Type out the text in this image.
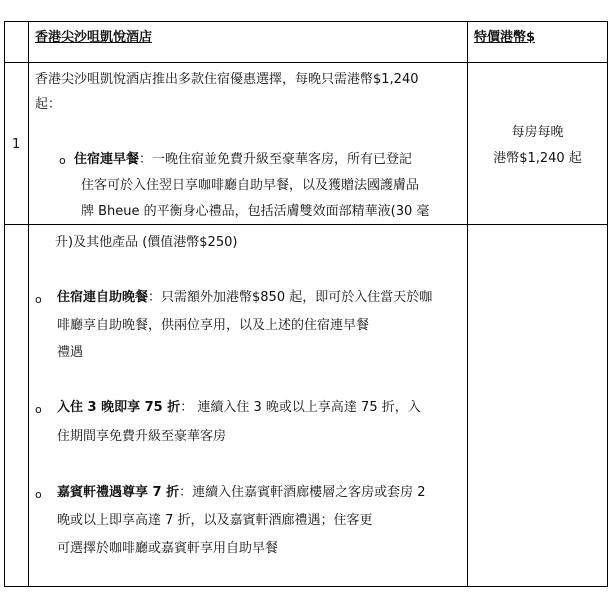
香港尖沙咀凱悅酒店	特價港幣$
1
香港尖沙咀凱悅酒店推出多款住宿優惠選擇，每晚只需港幣$1,240
起：
每房每晚
港幣$1,240 起
o 住宿連早餐：一晚住宿並免費升級至豪華客房，所有已登記
住客可於入住翌日享咖啡廳自助早餐，以及獲贈法國護膚品
牌 Bheue 的平衡身心禮品，包括活膚雙效面部精華液(30 毫
升)及其他產品 (價值港幣$250)
o 住宿連自助晚餐：只需額外加港幣$850 起，即可於入住當天於咖
啡廳享自助晚餐，供兩位享用，以及上述的住宿連早餐
禮遇
o 入住 3 晚即享 75 折： 連續入住 3 晚或以上享高達 75 折，入
住期間享免費升級至豪華客房
o 嘉賓軒禮遇尊享 7 折：連續入住嘉賓軒酒廊樓層之客房或套房 2
晚或以上即享高達 7 折，以及嘉賓軒酒廊禮遇；住客更
可選擇於咖啡廳或嘉賓軒享用自助早餐
